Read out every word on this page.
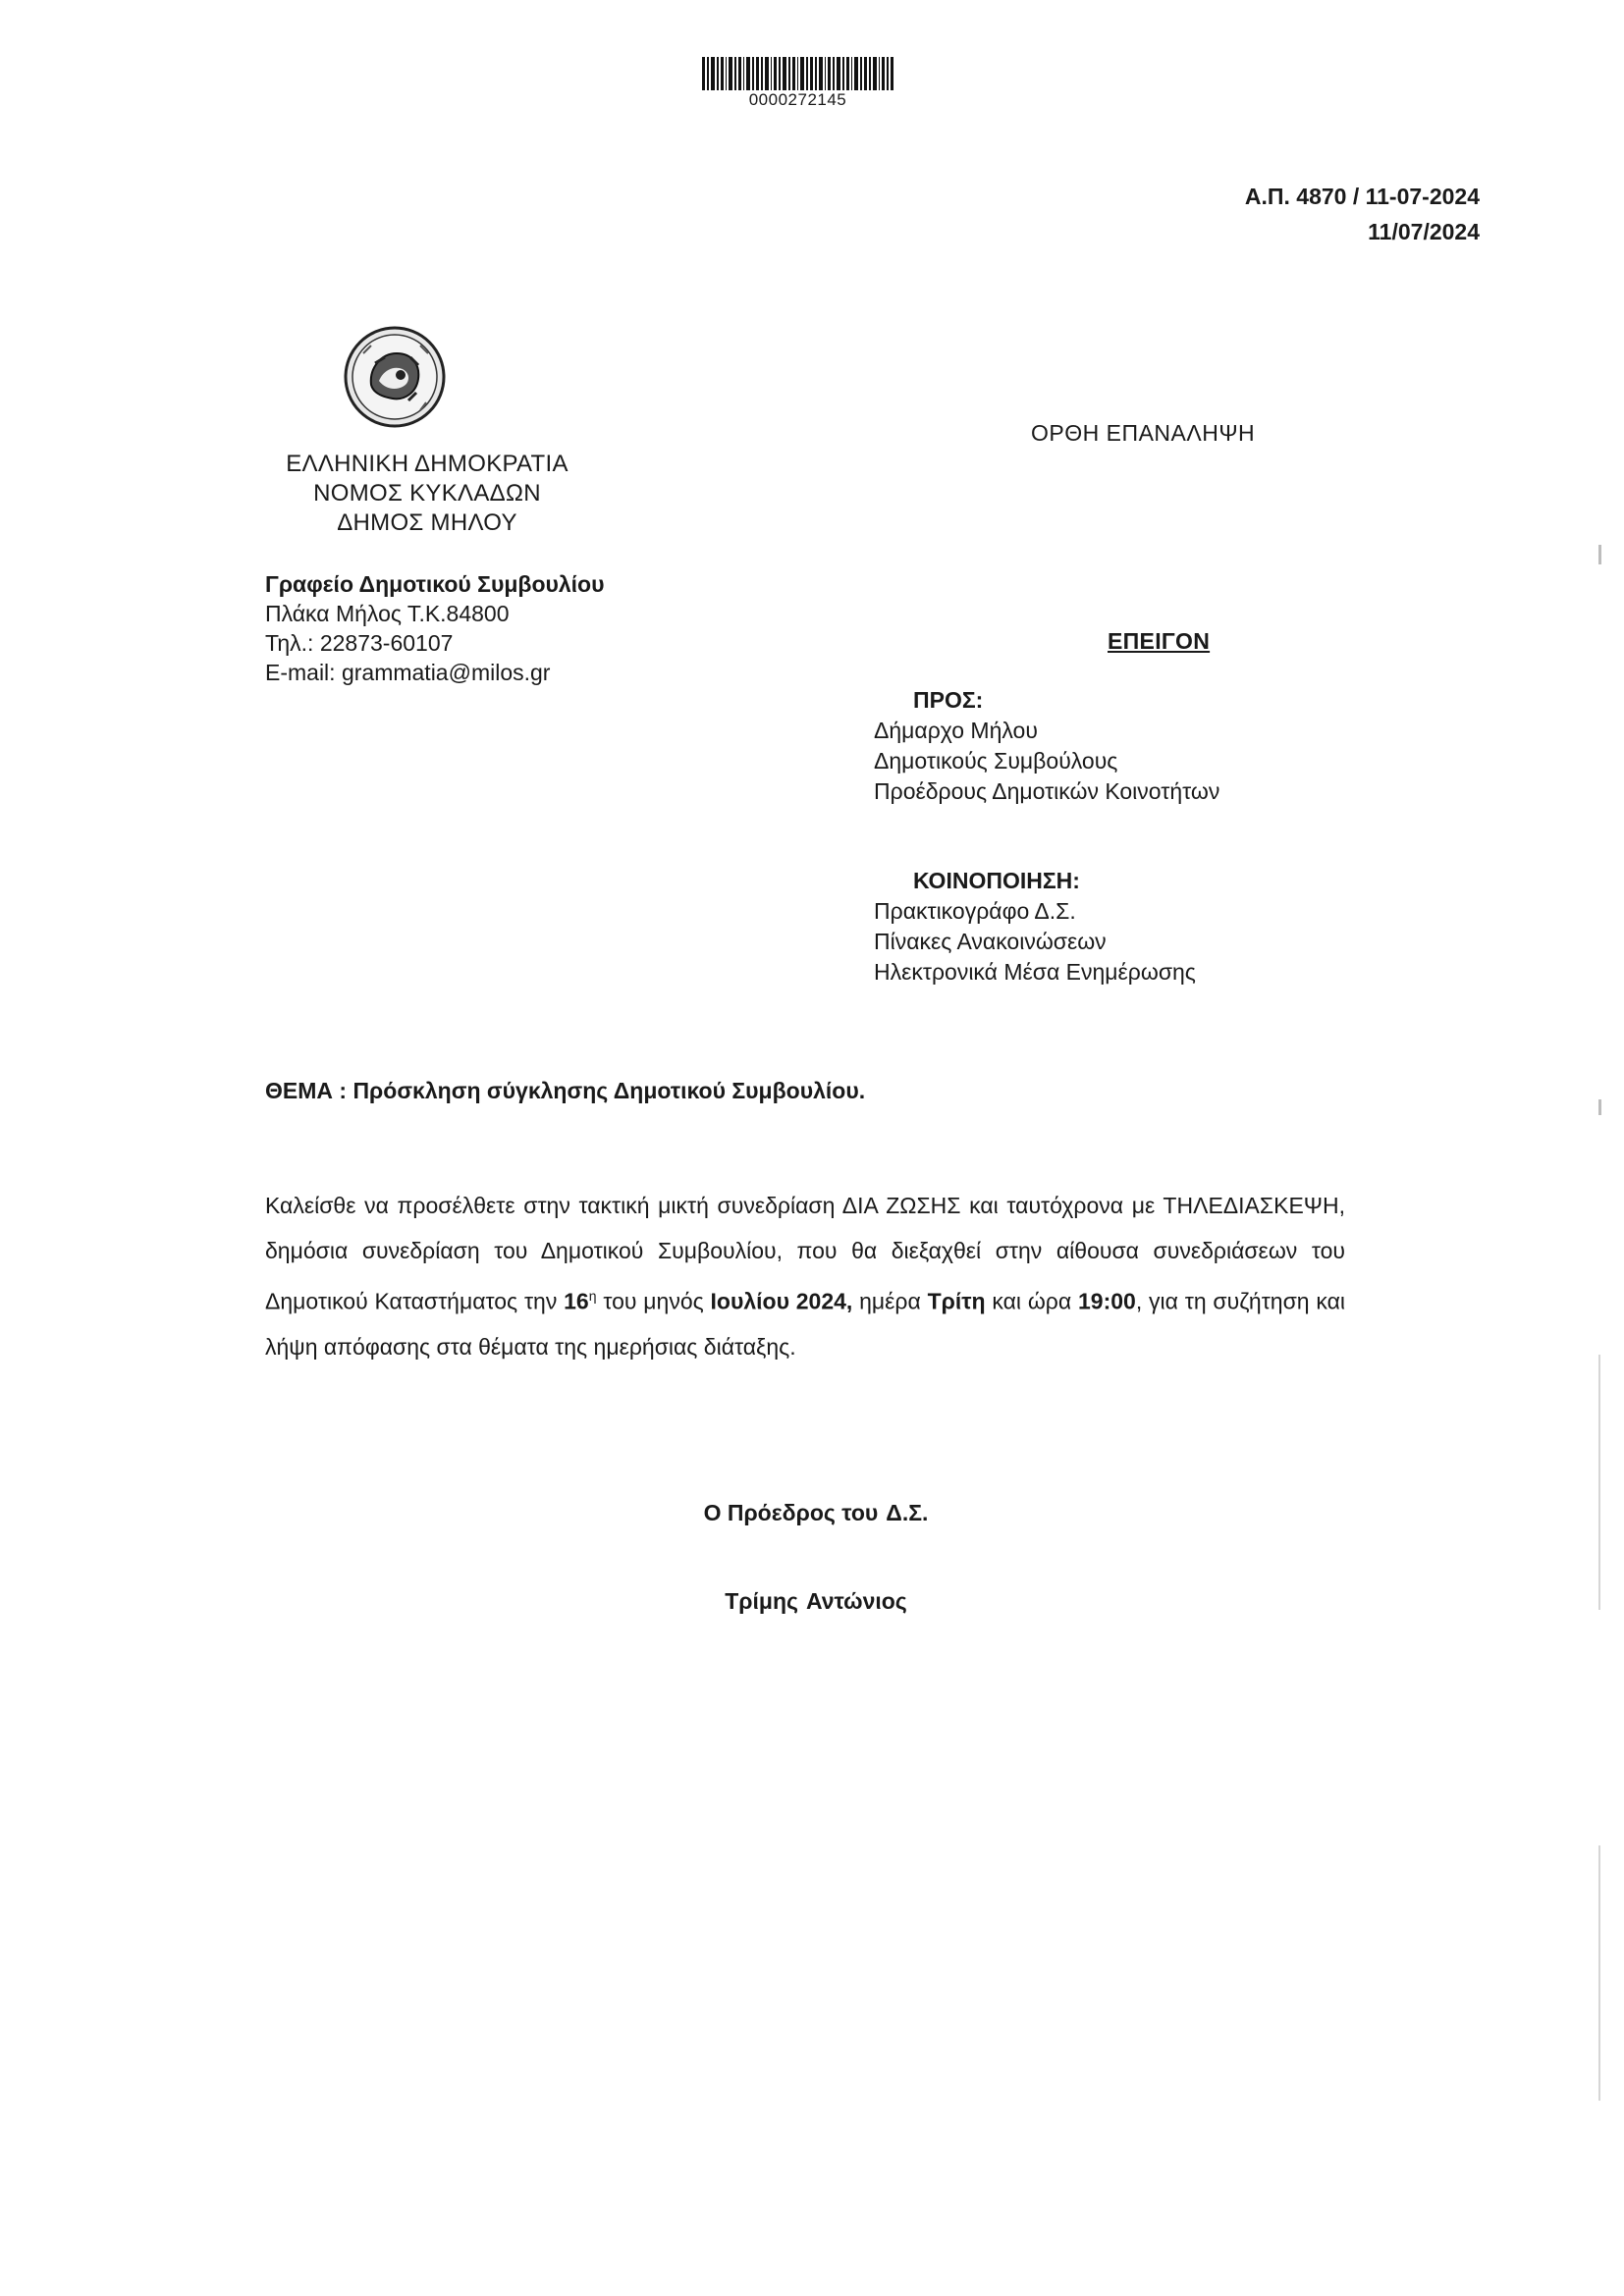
0000272145
Α.Π. 4870 / 11-07-2024
11/07/2024
ΟΡΘΗ ΕΠΑΝΑΛΗΨΗ
ΕΛΛΗΝΙΚΗ ΔΗΜΟΚΡΑΤΙΑ
ΝΟΜΟΣ ΚΥΚΛΑΔΩΝ
ΔΗΜΟΣ ΜΗΛΟΥ
Γραφείο Δημοτικού Συμβουλίου
Πλάκα Μήλος Τ.Κ.84800
Τηλ.: 22873-60107
E-mail: grammatia@milos.gr
ΕΠΕΙΓΟΝ
ΠΡΟΣ:
Δήμαρχο Μήλου
Δημοτικούς Συμβούλους
Προέδρους Δημοτικών Κοινοτήτων
ΚΟΙΝΟΠΟΙΗΣΗ:
Πρακτικογράφο Δ.Σ.
Πίνακες Ανακοινώσεων
Ηλεκτρονικά Μέσα Ενημέρωσης
ΘΕΜΑ : Πρόσκληση σύγκλησης Δημοτικού Συμβουλίου.
Καλείσθε να προσέλθετε στην τακτική μικτή συνεδρίαση ΔΙΑ ΖΩΣΗΣ και ταυτόχρονα με ΤΗΛΕΔΙΑΣΚΕΨΗ, δημόσια συνεδρίαση του Δημοτικού Συμβουλίου, που θα διεξαχθεί στην αίθουσα συνεδριάσεων του Δημοτικού Καταστήματος την $16^\eta$ του μηνός Ιουλίου 2024, ημέρα Τρίτη και ώρα 19:00, για τη συζήτηση και λήψη απόφασης στα θέματα της ημερήσιας διάταξης.
Ο Πρόεδρος του Δ.Σ.
Τρίμης Αντώνιος
